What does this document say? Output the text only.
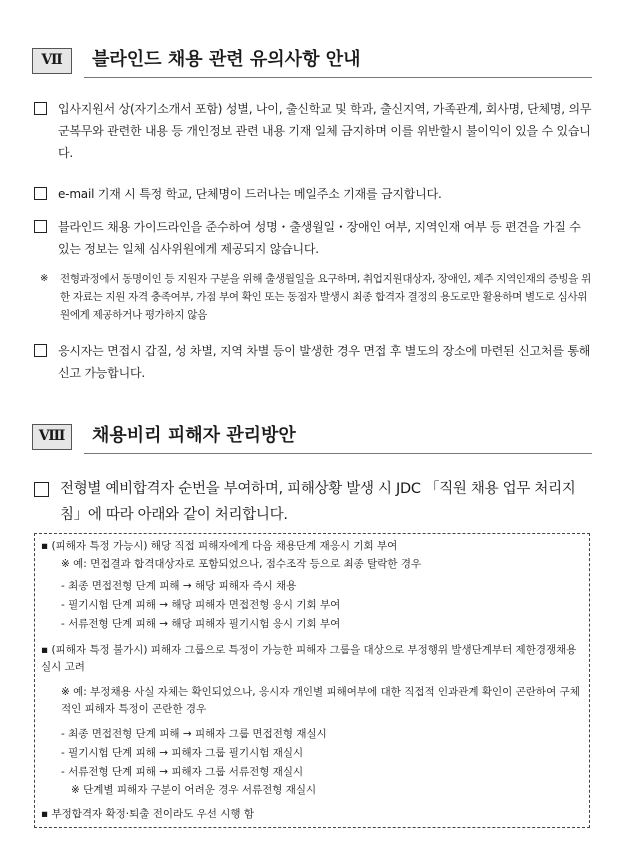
Ⅶ	블라인드 채용 관련 유의사항 안내
입사지원서 상(자기소개서 포함) 성별, 나이, 출신학교 및 학과, 출신지역, 가족관계, 회사명, 단체명, 의무 군복무와 관련한 내용 등 개인정보 관련 내용 기재 일체 금지하며 이를 위반할시 불이익이 있을 수 있습니다.
e-mail 기재 시 특정 학교, 단체명이 드러나는 메일주소 기재를 금지합니다.
블라인드 채용 가이드라인을 준수하여 성명・출생월일・장애인 여부, 지역인재 여부 등 편견을 가질 수 있는 정보는 일체 심사위원에게 제공되지 않습니다.
※ 전형과정에서 동명이인 등 지원자 구분을 위해 출생월일을 요구하며, 취업지원대상자, 장애인, 제주 지역인재의 증빙을 위한 자료는 지원 자격 충족여부, 가점 부여 확인 또는 동점자 발생시 최종 합격자 결정의 용도로만 활용하며 별도로 심사위원에게 제공하거나 평가하지 않음
응시자는 면접시 갑질, 성 차별, 지역 차별 등이 발생한 경우 면접 후 별도의 장소에 마련된 신고처를 통해 신고 가능합니다.
Ⅷ	채용비리 피해자 관리방안
전형별 예비합격자 순번을 부여하며, 피해상황 발생 시 JDC 「직원 채용 업무 처리지침」에 따라 아래와 같이 처리합니다.
▪ (피해자 특정 가능시) 해당 직접 피해자에게 다음 채용단계 재응시 기회 부여
※ 예: 면접결과 합격대상자로 포함되었으나, 점수조작 등으로 최종 탈락한 경우
- 최종 면접전형 단계 피해 → 해당 피해자 즉시 채용
- 필기시험 단계 피해 → 해당 피해자 면접전형 응시 기회 부여
- 서류전형 단계 피해 → 해당 피해자 필기시험 응시 기회 부여
▪ (피해자 특정 불가시) 피해자 그룹으로 특정이 가능한 피해자 그룹을 대상으로 부정행위 발생단계부터 제한경쟁채용 실시 고려
※ 예: 부정채용 사실 자체는 확인되었으나, 응시자 개인별 피해여부에 대한 직접적 인과관계 확인이 곤란하여 구체적인 피해자 특정이 곤란한 경우
- 최종 면접전형 단계 피해 → 피해자 그룹 면접전형 재실시
- 필기시험 단계 피해 → 피해자 그룹 필기시험 재실시
- 서류전형 단계 피해 → 피해자 그룹 서류전형 재실시
※ 단계별 피해자 구분이 어려운 경우 서류전형 재실시
▪ 부정합격자 확정·퇴출 전이라도 우선 시행 함
